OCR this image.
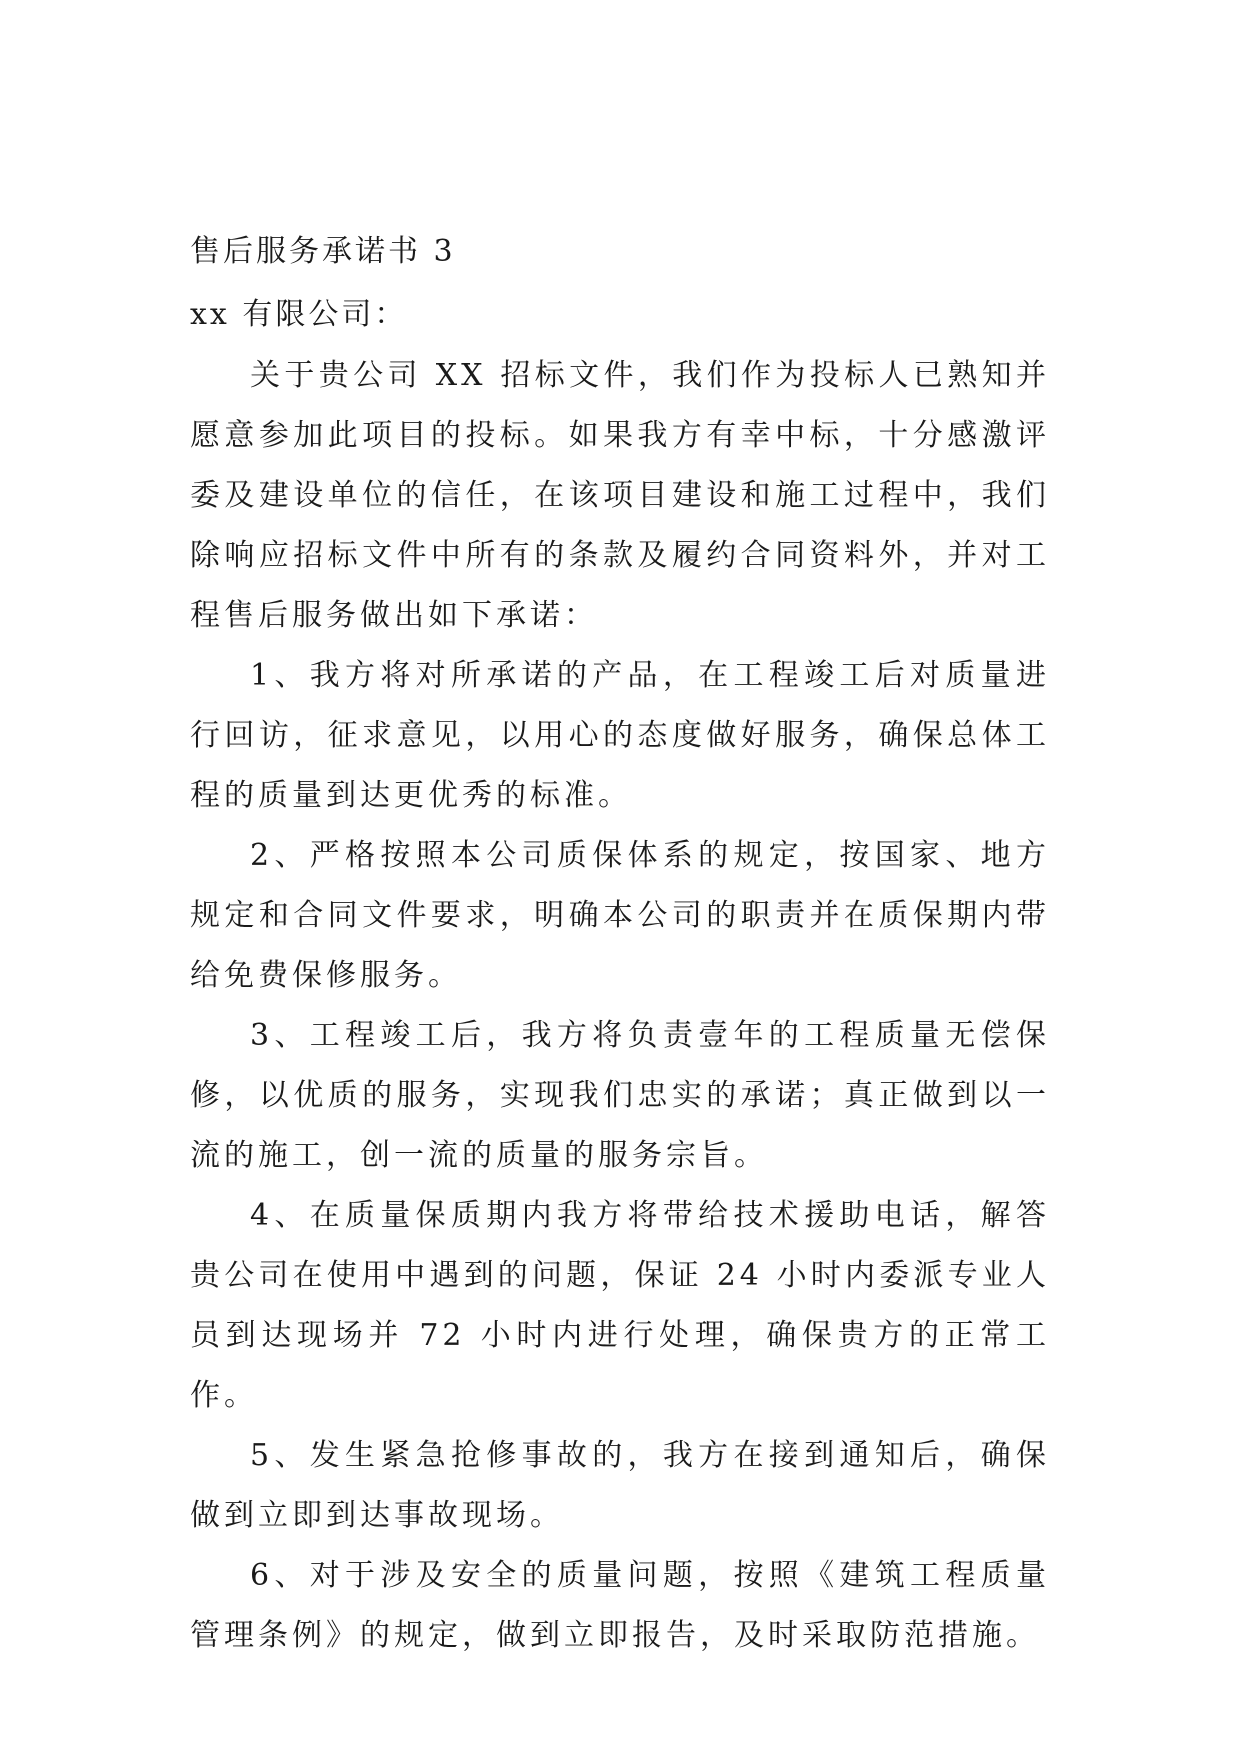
售后服务承诺书 3
xx 有限公司：

关于贵公司 XX 招标文件，我们作为投标人已熟知并愿意参加此项目的投标。如果我方有幸中标，十分感激评委及建设单位的信任，在该项目建设和施工过程中，我们除响应招标文件中所有的条款及履约合同资料外，并对工程售后服务做出如下承诺：

1、我方将对所承诺的产品，在工程竣工后对质量进行回访，征求意见，以用心的态度做好服务，确保总体工程的质量到达更优秀的标准。

2、严格按照本公司质保体系的规定，按国家、地方规定和合同文件要求，明确本公司的职责并在质保期内带给免费保修服务。

3、工程竣工后，我方将负责壹年的工程质量无偿保修，以优质的服务，实现我们忠实的承诺；真正做到以一流的施工，创一流的质量的服务宗旨。

4、在质量保质期内我方将带给技术援助电话，解答贵公司在使用中遇到的问题，保证 24 小时内委派专业人员到达现场并 72 小时内进行处理，确保贵方的正常工作。

5、发生紧急抢修事故的，我方在接到通知后，确保做到立即到达事故现场。

6、对于涉及安全的质量问题，按照《建筑工程质量管理条例》的规定，做到立即报告，及时采取防范措施。
